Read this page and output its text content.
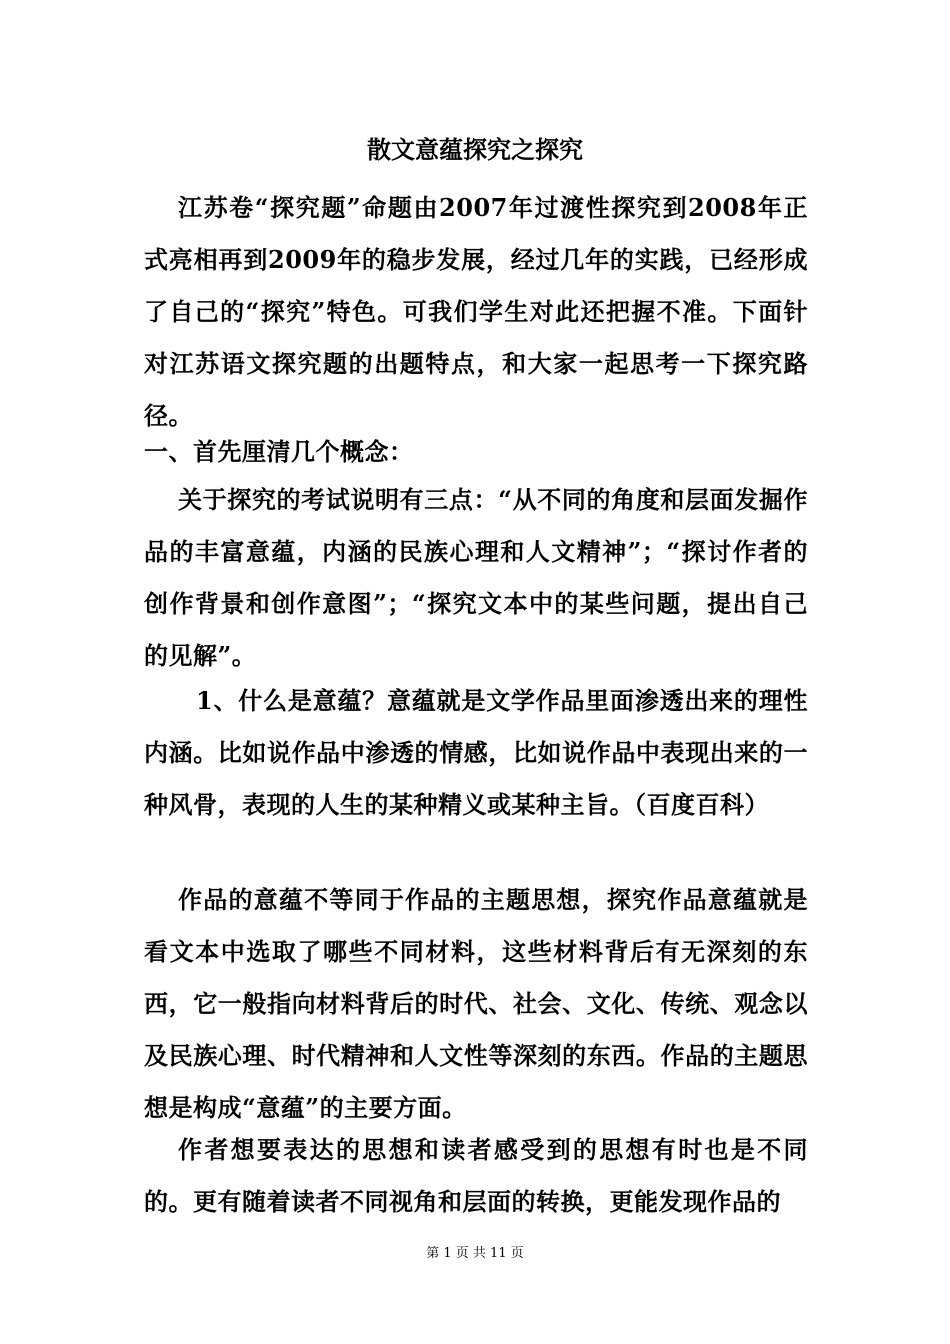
散文意蕴探究之探究
江苏卷“探究题”命题由2007年过渡性探究到2008年正式亮相再到2009年的稳步发展，经过几年的实践，已经形成了自己的“探究”特色。可我们学生对此还把握不准。下面针对江苏语文探究题的出题特点，和大家一起思考一下探究路径。
一、首先厘清几个概念：
关于探究的考试说明有三点：“从不同的角度和层面发掘作品的丰富意蕴，内涵的民族心理和人文精神”；“探讨作者的创作背景和创作意图”；“探究文本中的某些问题，提出自己的见解”。
1、什么是意蕴？意蕴就是文学作品里面渗透出来的理性内涵。比如说作品中渗透的情感，比如说作品中表现出来的一种风骨，表现的人生的某种精义或某种主旨。（百度百科）
作品的意蕴不等同于作品的主题思想，探究作品意蕴就是看文本中选取了哪些不同材料，这些材料背后有无深刻的东西，它一般指向材料背后的时代、社会、文化、传统、观念以及民族心理、时代精神和人文性等深刻的东西。作品的主题思想是构成“意蕴”的主要方面。
作者想要表达的思想和读者感受到的思想有时也是不同的。更有随着读者不同视角和层面的转换，更能发现作品的
第 1 页 共 11 页
